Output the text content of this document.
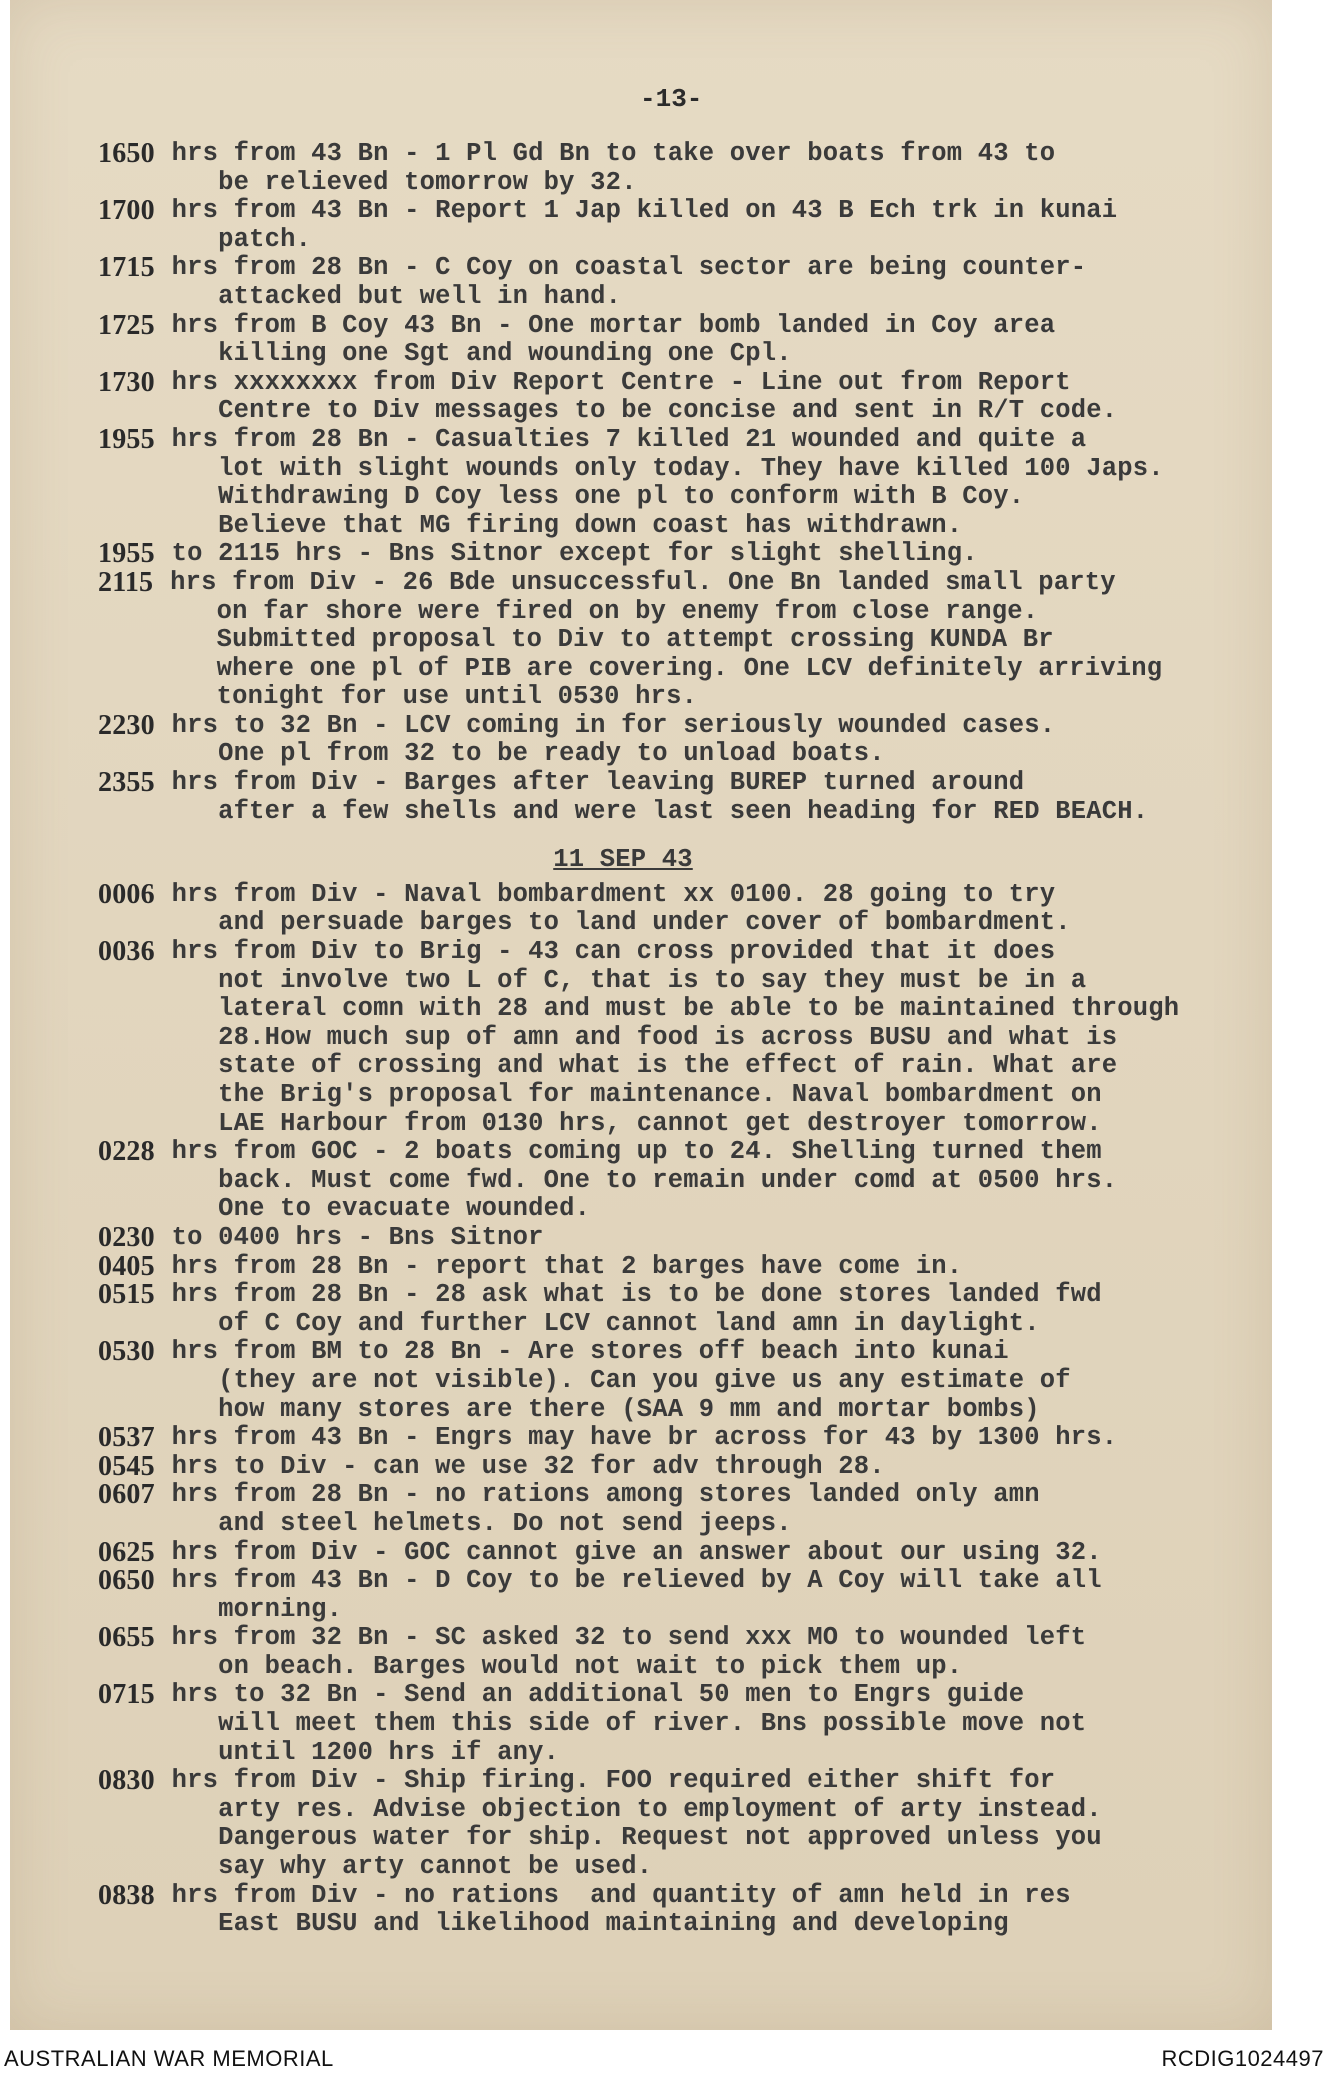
-13-
1650 hrs from 43 Bn - 1 Pl Gd Bn to take over boats from 43 to
be relieved tomorrow by 32.
1700 hrs from 43 Bn - Report 1 Jap killed on 43 B Ech trk in kunai
patch.
1715 hrs from 28 Bn - C Coy on coastal sector are being counter-
attacked but well in hand.
1725 hrs from B Coy 43 Bn - One mortar bomb landed in Coy area
killing one Sgt and wounding one Cpl.
1730 hrs xxxxxxxx from Div Report Centre - Line out from Report
Centre to Div messages to be concise and sent in R/T code.
1955 hrs from 28 Bn - Casualties 7 killed 21 wounded and quite a
lot with slight wounds only today. They have killed 100 Japs.
Withdrawing D Coy less one pl to conform with B Coy.
Believe that MG firing down coast has withdrawn.
1955 to 2115 hrs - Bns Sitnor except for slight shelling.
2115 hrs from Div - 26 Bde unsuccessful. One Bn landed small party
on far shore were fired on by enemy from close range.
Submitted proposal to Div to attempt crossing KUNDA Br
where one pl of PIB are covering. One LCV definitely arriving
tonight for use until 0530 hrs.
2230 hrs to 32 Bn - LCV coming in for seriously wounded cases.
One pl from 32 to be ready to unload boats.
2355 hrs from Div - Barges after leaving BUREP turned around
after a few shells and were last seen heading for RED BEACH.
11 SEP 43
0006 hrs from Div - Naval bombardment xx 0100. 28 going to try
and persuade barges to land under cover of bombardment.
0036 hrs from Div to Brig - 43 can cross provided that it does
not involve two L of C, that is to say they must be in a
lateral comn with 28 and must be able to be maintained through
28.How much sup of amn and food is across BUSU and what is
state of crossing and what is the effect of rain. What are
the Brig's proposal for maintenance. Naval bombardment on
LAE Harbour from 0130 hrs, cannot get destroyer tomorrow.
0228 hrs from GOC - 2 boats coming up to 24. Shelling turned them
back. Must come fwd. One to remain under comd at 0500 hrs.
One to evacuate wounded.
0230 to 0400 hrs - Bns Sitnor
0405 hrs from 28 Bn - report that 2 barges have come in.
0515 hrs from 28 Bn - 28 ask what is to be done stores landed fwd
of C Coy and further LCV cannot land amn in daylight.
0530 hrs from BM to 28 Bn - Are stores off beach into kunai
(they are not visible). Can you give us any estimate of
how many stores are there (SAA 9 mm and mortar bombs)
0537 hrs from 43 Bn - Engrs may have br across for 43 by 1300 hrs.
0545 hrs to Div - can we use 32 for adv through 28.
0607 hrs from 28 Bn - no rations among stores landed only amn
and steel helmets. Do not send jeeps.
0625 hrs from Div - GOC cannot give an answer about our using 32.
0650 hrs from 43 Bn - D Coy to be relieved by A Coy will take all
morning.
0655 hrs from 32 Bn - SC asked 32 to send xxx MO to wounded left
on beach. Barges would not wait to pick them up.
0715 hrs to 32 Bn - Send an additional 50 men to Engrs guide
will meet them this side of river. Bns possible move not
until 1200 hrs if any.
0830 hrs from Div - Ship firing. FOO required either shift for
arty res. Advise objection to employment of arty instead.
Dangerous water for ship. Request not approved unless you
say why arty cannot be used.
0838 hrs from Div - no rations  and quantity of amn held in res
East BUSU and likelihood maintaining and developing
AUSTRALIAN WAR MEMORIAL	RCDIG1024497
